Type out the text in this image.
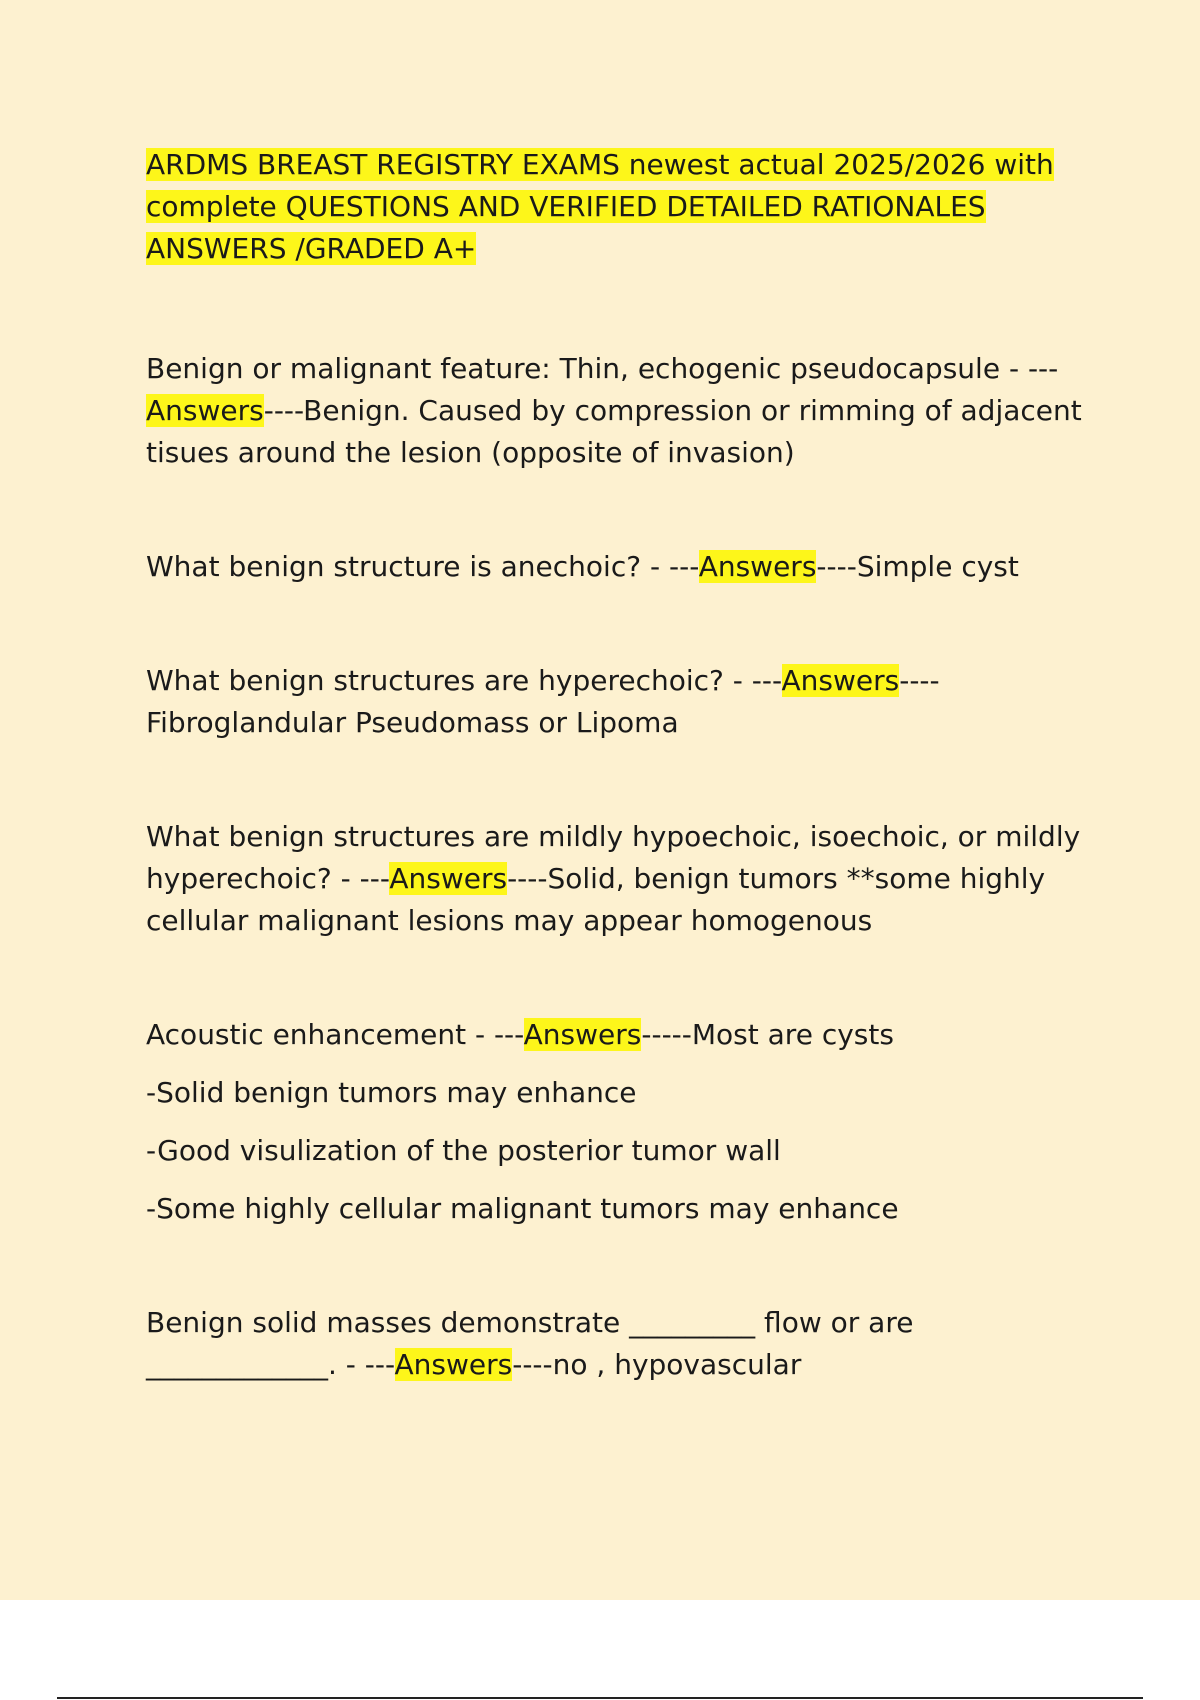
ARDMS BREAST REGISTRY EXAMS newest actual 2025/2026 with complete QUESTIONS AND VERIFIED DETAILED RATIONALES ANSWERS /GRADED A+

Benign or malignant feature: Thin, echogenic pseudocapsule - ---Answers----Benign. Caused by compression or rimming of adjacent tisues around the lesion (opposite of invasion)

What benign structure is anechoic? - ---Answers----Simple cyst

What benign structures are hyperechoic? - ---Answers----Fibroglandular Pseudomass or Lipoma

What benign structures are mildly hypoechoic, isoechoic, or mildly hyperechoic? - ---Answers----Solid, benign tumors **some highly cellular malignant lesions may appear homogenous

Acoustic enhancement - ---Answers-----Most are cysts

-Solid benign tumors may enhance

-Good visulization of the posterior tumor wall

-Some highly cellular malignant tumors may enhance

Benign solid masses demonstrate _________ flow or are _____________. - ---Answers----no , hypovascular
